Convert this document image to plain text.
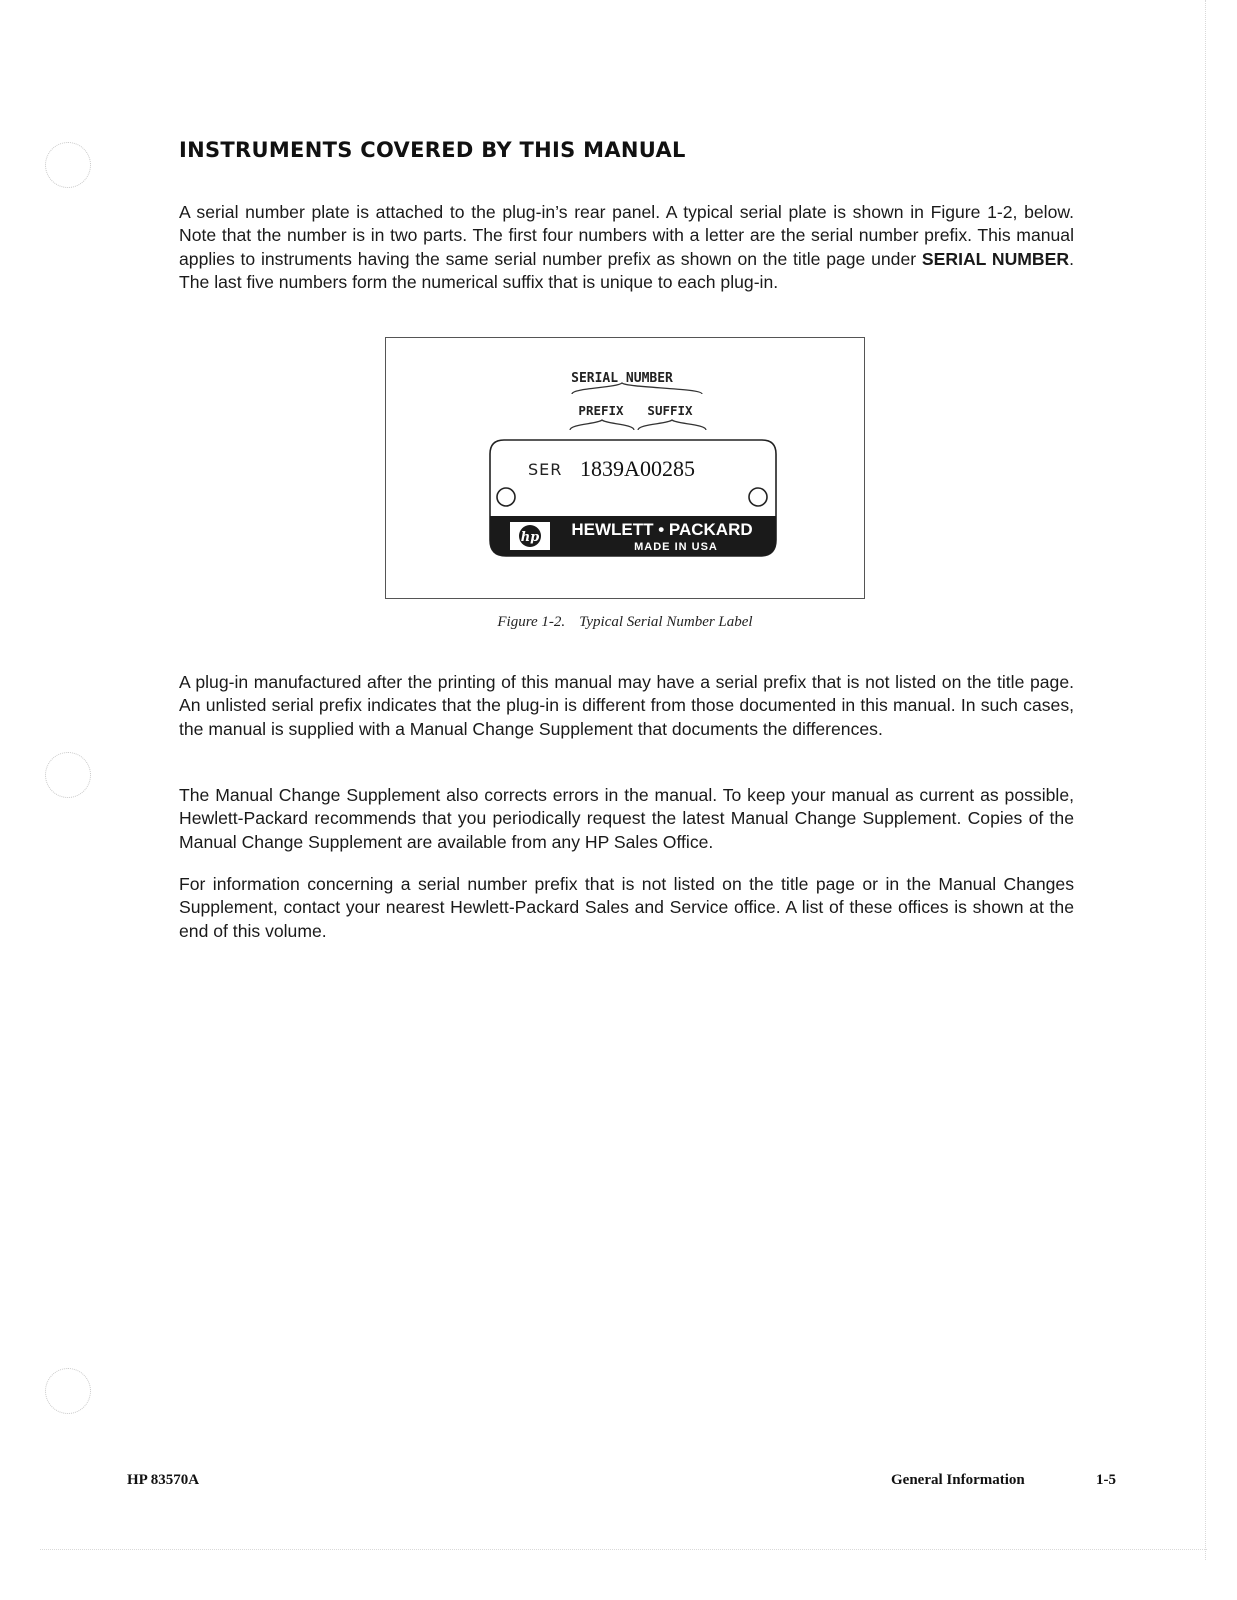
INSTRUMENTS COVERED BY THIS MANUAL

A serial number plate is attached to the plug-in’s rear panel. A typical serial plate is shown in Figure 1-2, below. Note that the number is in two parts. The first four numbers with a letter are the serial number prefix. This manual applies to instruments having the same serial number prefix as shown on the title page under SERIAL NUMBER. The last five numbers form the numerical suffix that is unique to each plug-in.

SERIAL NUMBER
PREFIX SUFFIX
SER 1839A 00285
hp HEWLETT • PACKARD
MADE IN USA
Figure 1-2. Typical Serial Number Label

A plug-in manufactured after the printing of this manual may have a serial prefix that is not listed on the title page. An unlisted serial prefix indicates that the plug-in is different from those documented in this manual. In such cases, the manual is supplied with a Manual Change Supplement that documents the differences.

The Manual Change Supplement also corrects errors in the manual. To keep your manual as current as possible, Hewlett-Packard recommends that you periodically request the latest Manual Change Supplement. Copies of the Manual Change Supplement are available from any HP Sales Office.

For information concerning a serial number prefix that is not listed on the title page or in the Manual Changes Supplement, contact your nearest Hewlett-Packard Sales and Service office. A list of these offices is shown at the end of this volume.

HP 83570A	General Information	1-5
